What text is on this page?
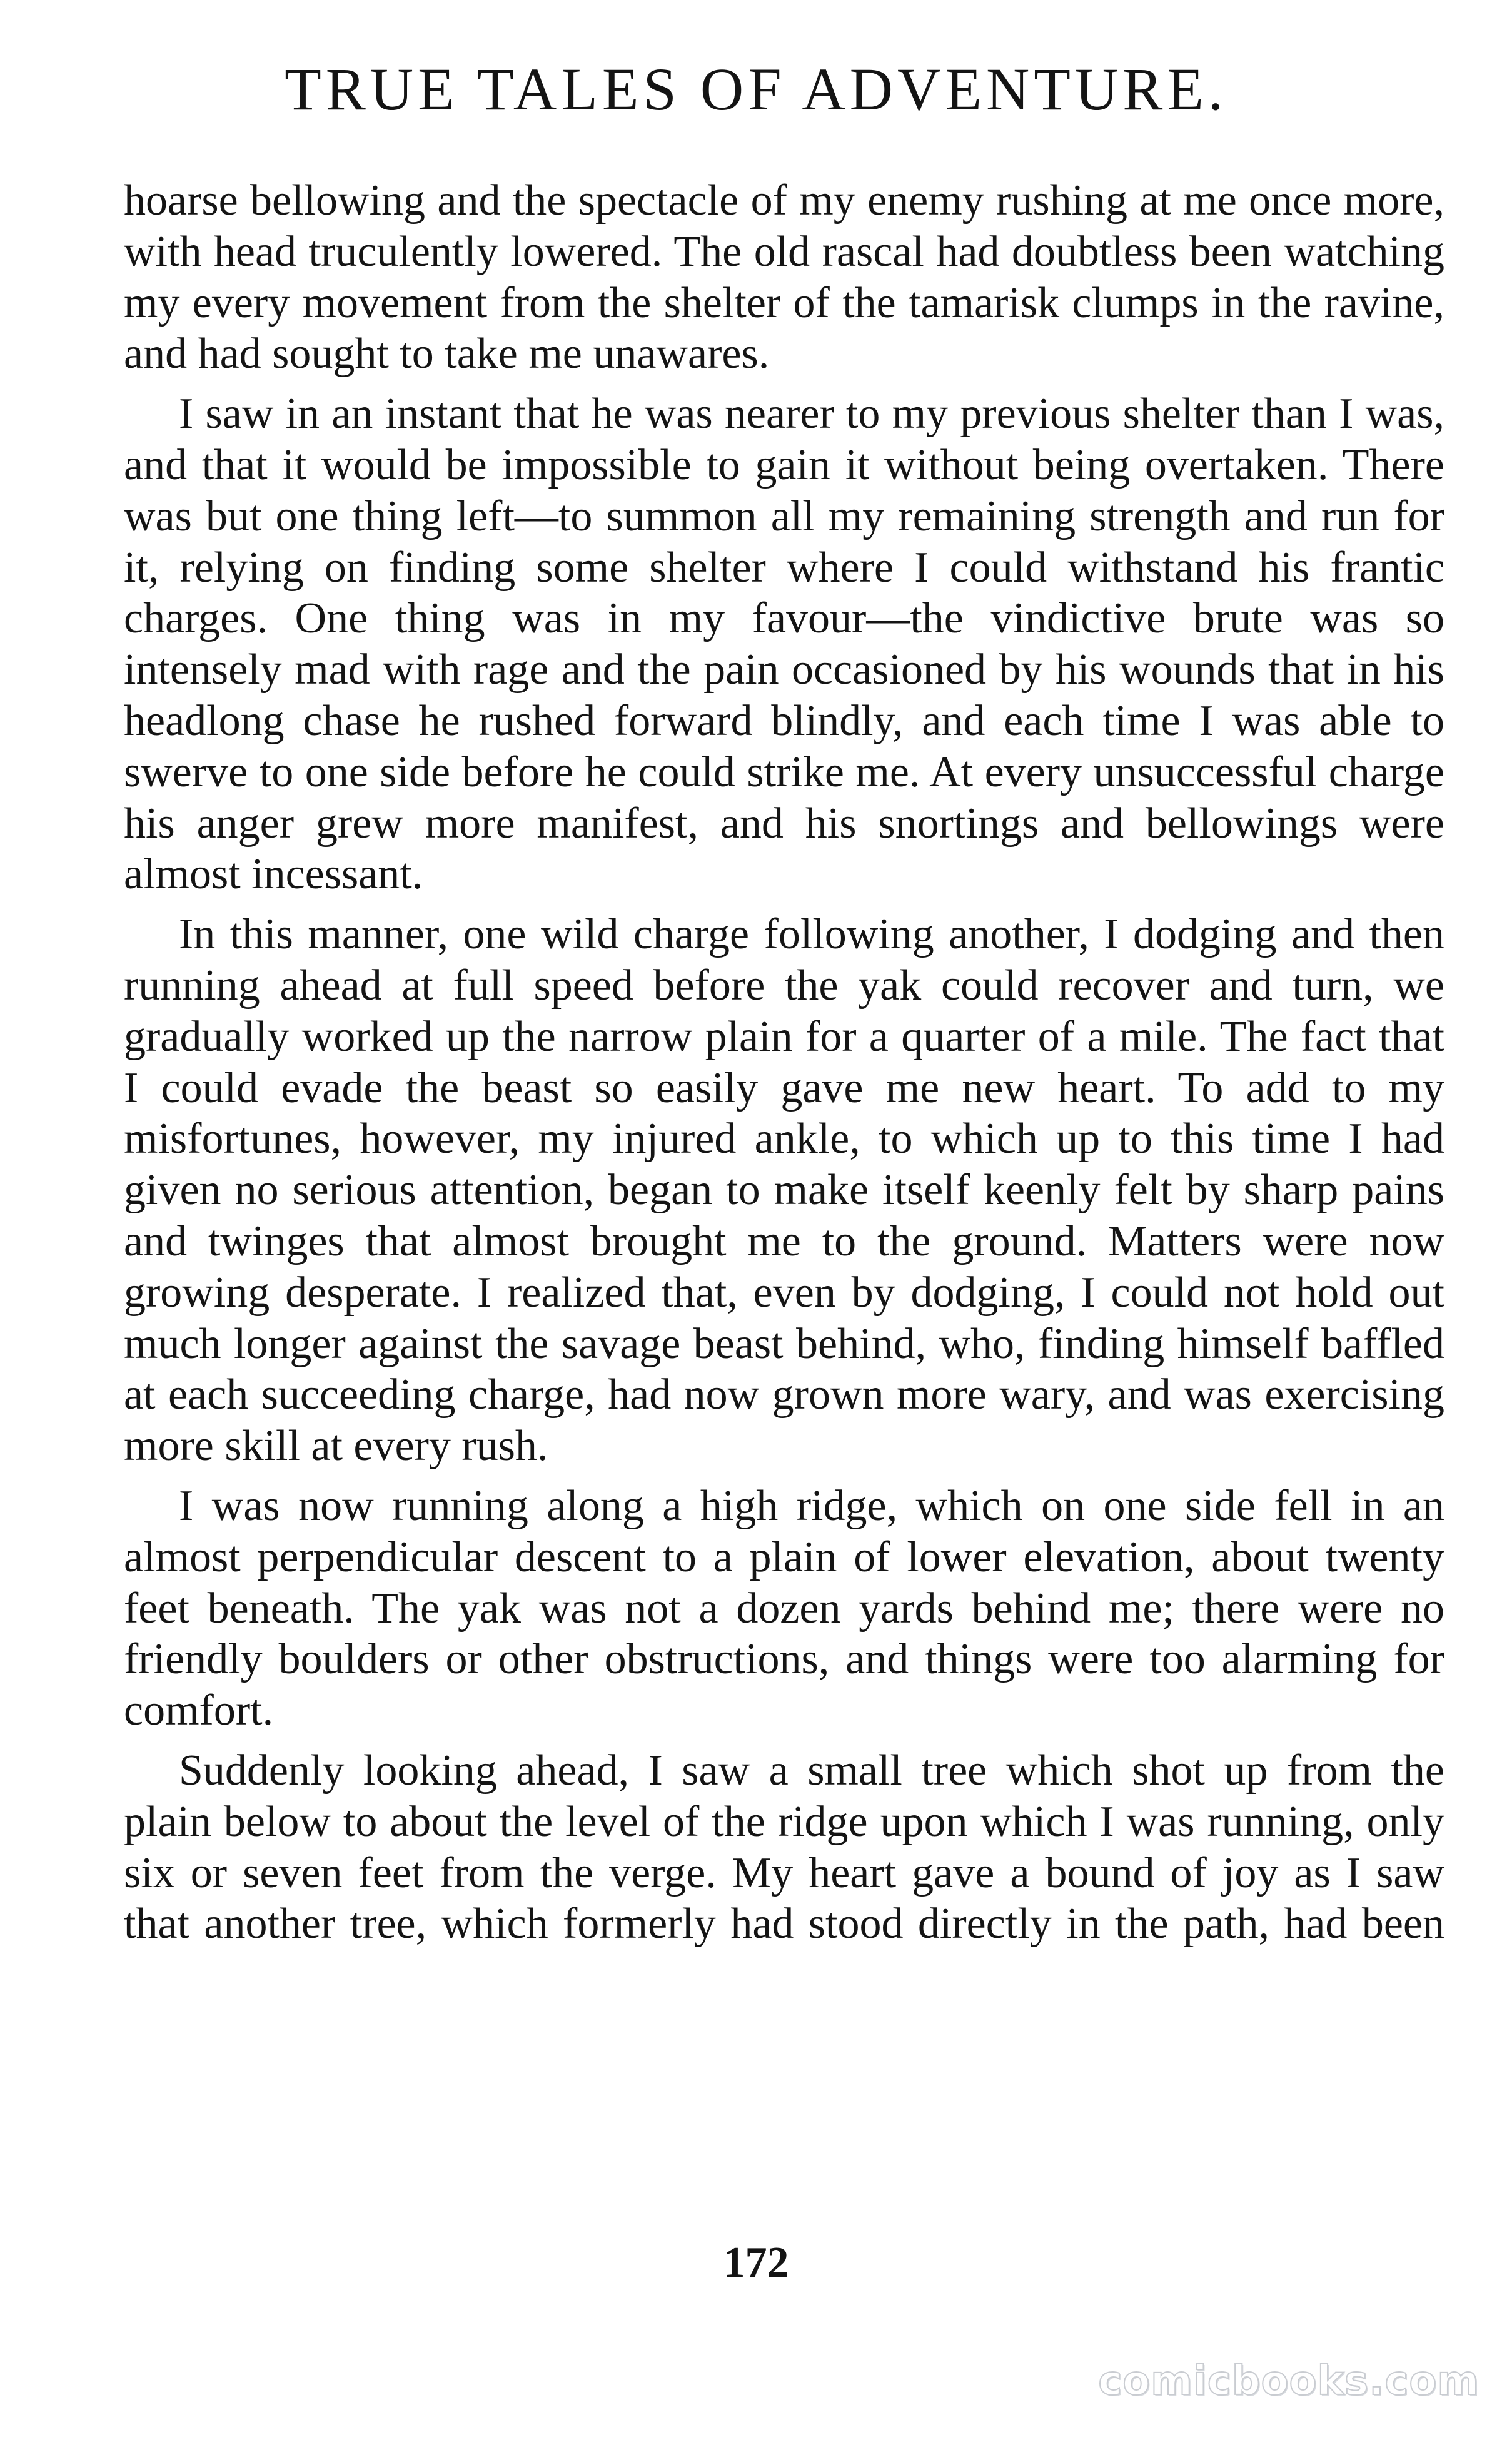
TRUE TALES OF ADVENTURE.

hoarse bellowing and the spectacle of my enemy rushing at me once more, with head truculently lowered. The old rascal had doubtless been watching my every movement from the shelter of the tamarisk clumps in the ravine, and had sought to take me unawares.

I saw in an instant that he was nearer to my previous shelter than I was, and that it would be impossible to gain it without being overtaken. There was but one thing left—to summon all my remaining strength and run for it, relying on finding some shelter where I could withstand his frantic charges. One thing was in my favour—the vindictive brute was so intensely mad with rage and the pain occasioned by his wounds that in his headlong chase he rushed forward blindly, and each time I was able to swerve to one side before he could strike me. At every unsuccessful charge his anger grew more manifest, and his snortings and bellowings were almost incessant.

In this manner, one wild charge following another, I dodging and then running ahead at full speed before the yak could recover and turn, we gradually worked up the narrow plain for a quarter of a mile. The fact that I could evade the beast so easily gave me new heart. To add to my misfortunes, however, my injured ankle, to which up to this time I had given no serious attention, began to make itself keenly felt by sharp pains and twinges that almost brought me to the ground. Matters were now growing desperate. I realized that, even by dodging, I could not hold out much longer against the savage beast behind, who, finding himself baffled at each succeeding charge, had now grown more wary, and was exercising more skill at every rush.

I was now running along a high ridge, which on one side fell in an almost perpendicular descent to a plain of lower elevation, about twenty feet beneath. The yak was not a dozen yards behind me; there were no friendly boulders or other obstructions, and things were too alarming for comfort.

Suddenly looking ahead, I saw a small tree which shot up from the plain below to about the level of the ridge upon which I was running, only six or seven feet from the verge. My heart gave a bound of joy as I saw that another tree, which formerly had stood directly in the path, had been

172
comicbooks.com
